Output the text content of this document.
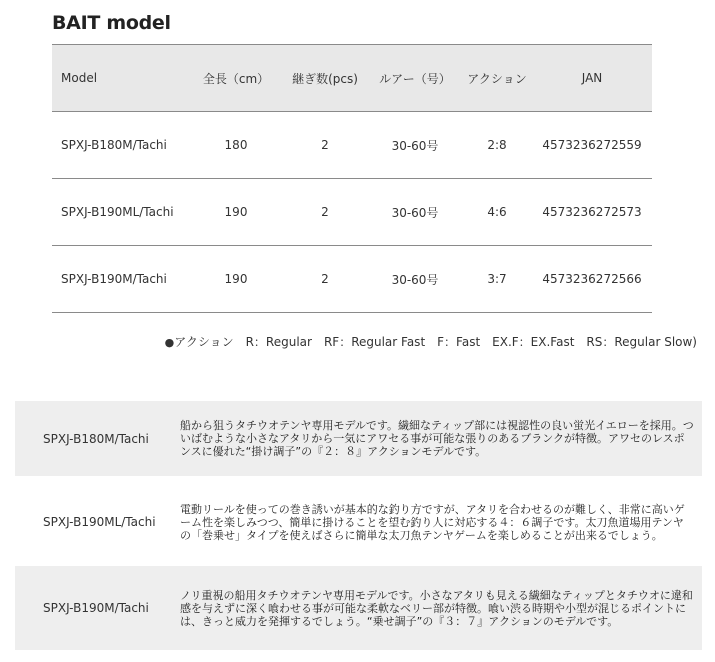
BAIT model
Model	全長（cm）	継ぎ数(pcs)	ルアー（号）	アクション	JAN
SPXJ-B180M/Tachi	180	2	30-60号	2:8	4573236272559
SPXJ-B190ML/Tachi	190	2	30-60号	4:6	4573236272573
SPXJ-B190M/Tachi	190	2	30-60号	3:7	4573236272566
●アクション　R：Regular　RF：Regular Fast　F：Fast　EX.F：EX.Fast　RS：Regular Slow)
SPXJ-B180M/Tachi
船から狙うタチウオテンヤ専用モデルです。繊細なティップ部には視認性の良い蛍光イエローを採用。ついばむような小さなアタリから一気にアワセる事が可能な張りのあるブランクが特徴。アワセのレスポンスに優れた“掛け調子”の『２：８』アクションモデルです。
SPXJ-B190ML/Tachi
電動リールを使っての巻き誘いが基本的な釣り方ですが、アタリを合わせるのが難しく、非常に高いゲーム性を楽しみつつ、簡単に掛けることを望む釣り人に対応する４：６調子です。太刀魚道場用テンヤの「巻乗せ」タイプを使えばさらに簡単な太刀魚テンヤゲームを楽しめることが出来るでしょう。
SPXJ-B190M/Tachi
ノリ重視の船用タチウオテンヤ専用モデルです。小さなアタリも見える繊細なティップとタチウオに違和感を与えずに深く喰わせる事が可能な柔軟なベリー部が特徴。喰い渋る時期や小型が混じるポイントには、きっと威力を発揮するでしょう。“乗せ調子”の『３：７』アクションのモデルです。
